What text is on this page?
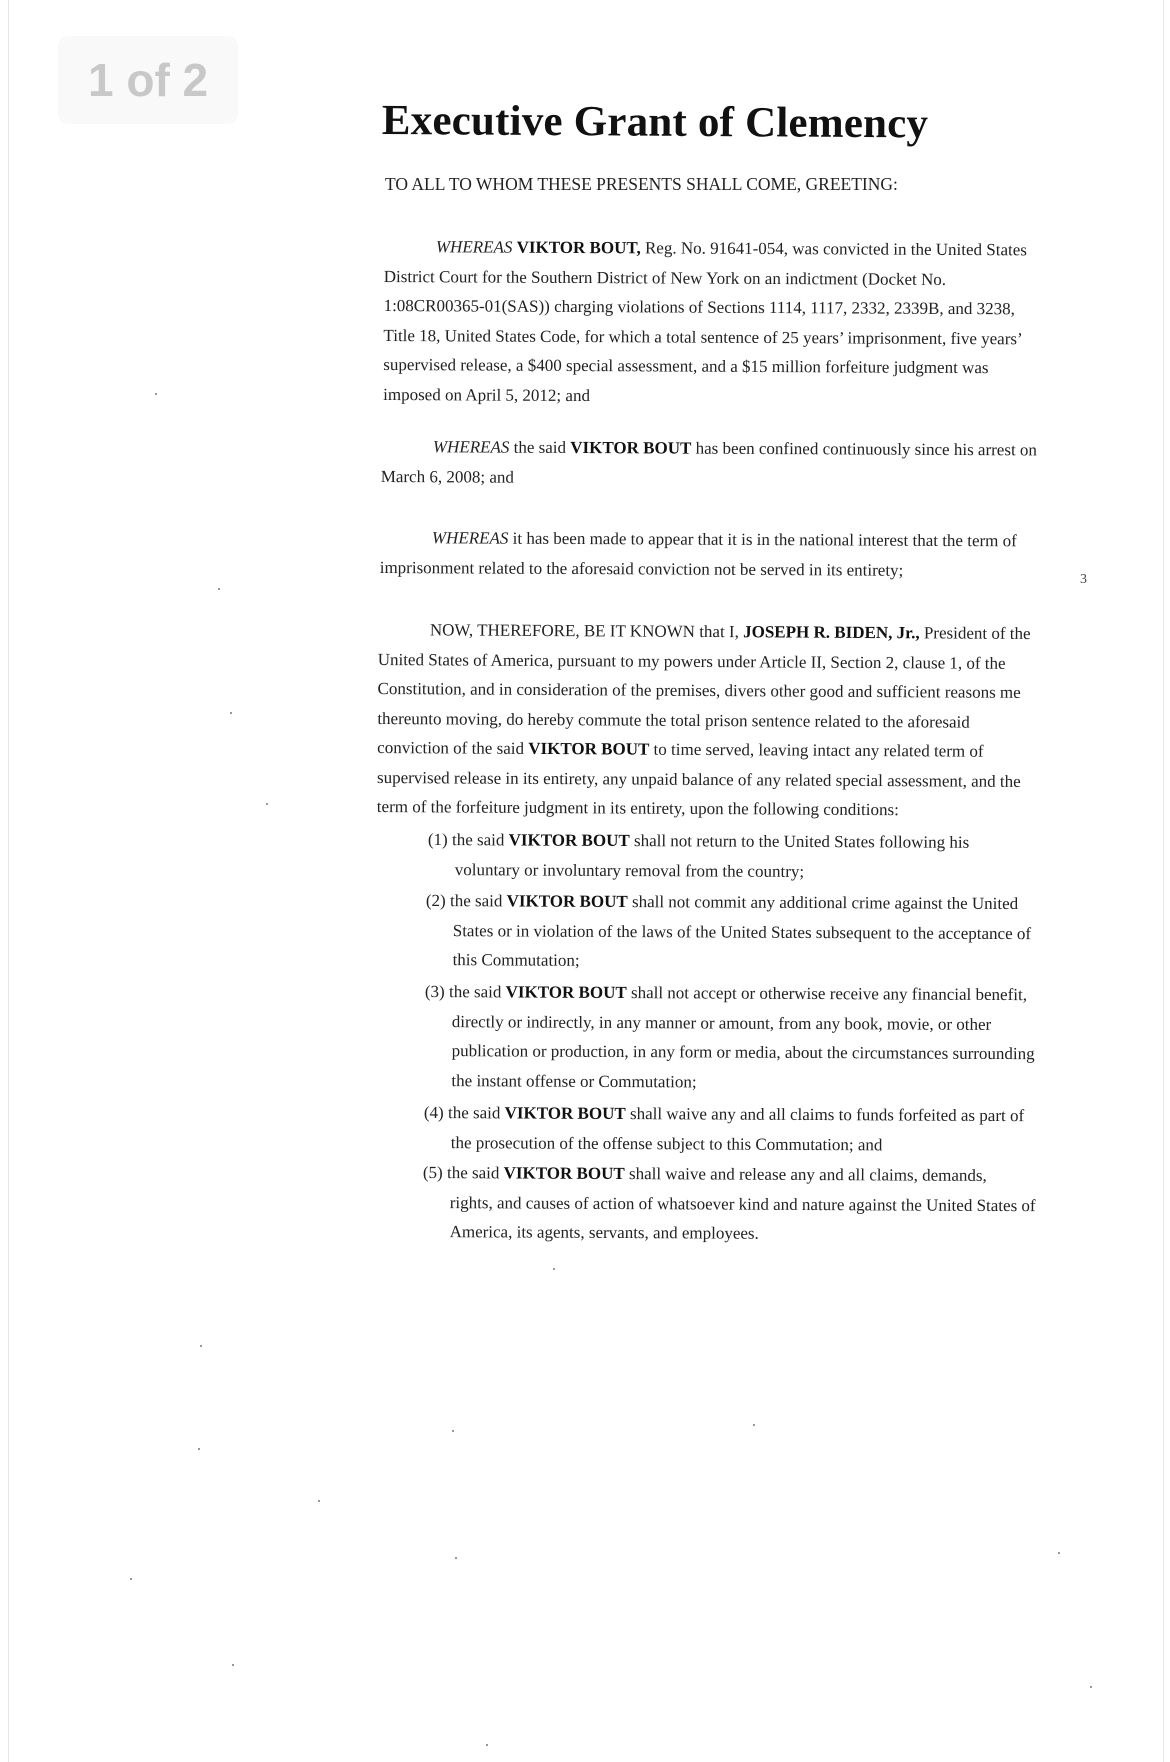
1 of 2
Executive Grant of Clemency
TO ALL TO WHOM THESE PRESENTS SHALL COME, GREETING:
WHEREAS VIKTOR BOUT, Reg. No. 91641-054, was convicted in the United States
District Court for the Southern District of New York on an indictment (Docket No.
1:08CR00365-01(SAS)) charging violations of Sections 1114, 1117, 2332, 2339B, and 3238,
Title 18, United States Code, for which a total sentence of 25 years’ imprisonment, five years’
supervised release, a $400 special assessment, and a $15 million forfeiture judgment was
imposed on April 5, 2012; and
WHEREAS the said VIKTOR BOUT has been confined continuously since his arrest on
March 6, 2008; and
WHEREAS it has been made to appear that it is in the national interest that the term of
imprisonment related to the aforesaid conviction not be served in its entirety;
NOW, THEREFORE, BE IT KNOWN that I, JOSEPH R. BIDEN, Jr., President of the
United States of America, pursuant to my powers under Article II, Section 2, clause 1, of the
Constitution, and in consideration of the premises, divers other good and sufficient reasons me
thereunto moving, do hereby commute the total prison sentence related to the aforesaid
conviction of the said VIKTOR BOUT to time served, leaving intact any related term of
supervised release in its entirety, any unpaid balance of any related special assessment, and the
term of the forfeiture judgment in its entirety, upon the following conditions:
(1) the said VIKTOR BOUT shall not return to the United States following his
voluntary or involuntary removal from the country;
(2) the said VIKTOR BOUT shall not commit any additional crime against the United
States or in violation of the laws of the United States subsequent to the acceptance of
this Commutation;
(3) the said VIKTOR BOUT shall not accept or otherwise receive any financial benefit,
directly or indirectly, in any manner or amount, from any book, movie, or other
publication or production, in any form or media, about the circumstances surrounding
the instant offense or Commutation;
(4) the said VIKTOR BOUT shall waive any and all claims to funds forfeited as part of
the prosecution of the offense subject to this Commutation; and
(5) the said VIKTOR BOUT shall waive and release any and all claims, demands,
rights, and causes of action of whatsoever kind and nature against the United States of
America, its agents, servants, and employees.
3
